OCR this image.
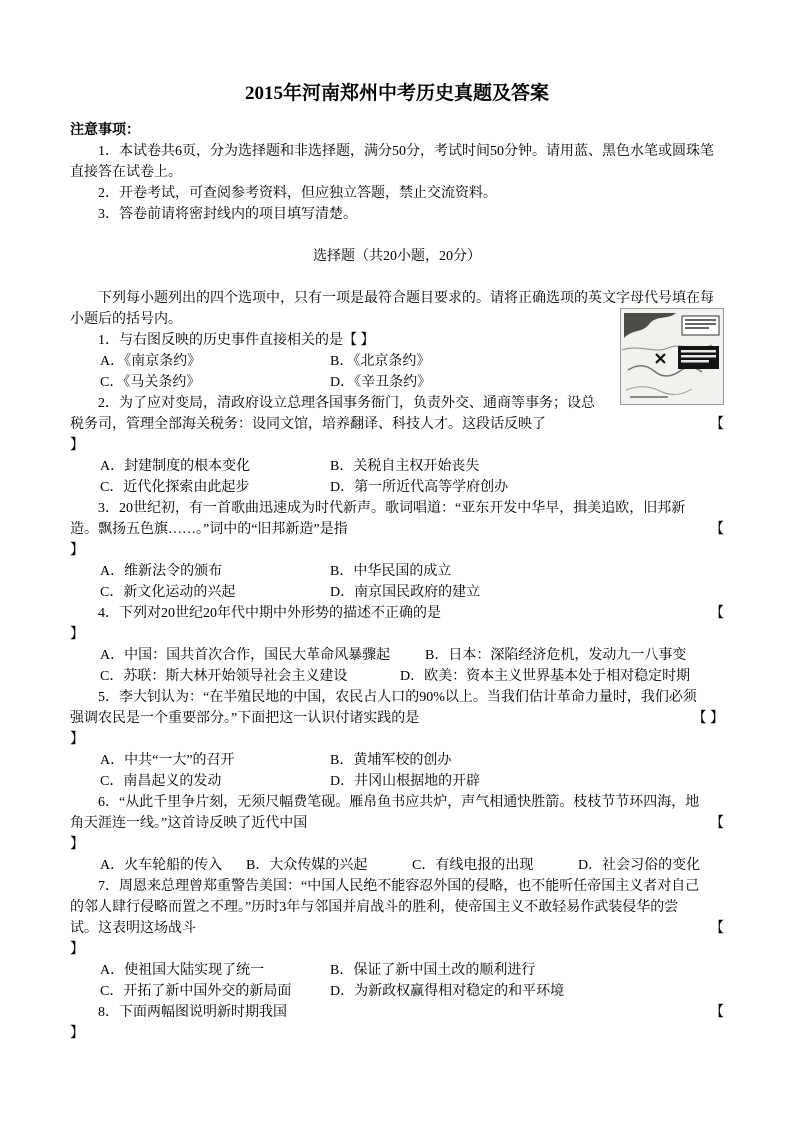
2015年河南郑州中考历史真题及答案

注意事项：

1．本试卷共6页，分为选择题和非选择题，满分50分，考试时间50分钟。请用蓝、黑色水笔或圆珠笔直接答在试卷上。

2．开卷考试，可查阅参考资料，但应独立答题，禁止交流资料。

3．答卷前请将密封线内的项目填写清楚。

选择题（共20小题，20分）

下列每小题列出的四个选项中，只有一项是最符合题目要求的。请将正确选项的英文字母代号填在每小题后的括号内。

1．与右图反映的历史事件直接相关的是【 】

A．《南京条约》	B．《北京条约》

C．《马关条约》	D．《辛丑条约》

2．为了应对变局，清政府设立总理各国事务衙门，负责外交、通商等事务；设总税务司，管理全部海关税务：设同文馆，培养翻译、科技人才。这段话反映了	【

】

A．封建制度的根本变化	B．关税自主权开始丧失

C．近代化探索由此起步	D．第一所近代高等学府创办

3．20世纪初，有一首歌曲迅速成为时代新声。歌词唱道：“亚东开发中华早，揖美追欧，旧邦新造。飘扬五色旗……。”词中的“旧邦新造”是指	【

】

A．维新法令的颁布	B．中华民国的成立

C．新文化运动的兴起	D．南京国民政府的建立

4．下列对20世纪20年代中期中外形势的描述不正确的是	【

】

A．中国：国共首次合作，国民大革命风暴骤起 B．日本：深陷经济危机，发动九一八事变

C．苏联：斯大林开始领导社会主义建设	D．欧美：资本主义世界基本处于相对稳定时期

5．李大钊认为：“在半殖民地的中国，农民占人口的90%以上。当我们估计革命力量时，我们必须强调农民是一个重要部分。”下面把这一认识付诸实践的是	【 】

】

A．中共“一大”的召开	B．黄埔军校的创办

C．南昌起义的发动	D．井冈山根据地的开辟

6．“从此千里争片刻，无须尺幅费笔砚。雁帛鱼书应共炉，声气相通快胜箭。枝枝节节环四海，地角天涯连一线。”这首诗反映了近代中国	【

】

A．火车轮船的传入 B．大众传媒的兴起	C．有线电报的出现	D．社会习俗的变化

7．周恩来总理曾郑重警告美国：“中国人民绝不能容忍外国的侵略，也不能听任帝国主义者对自己的邻人肆行侵略而置之不理。”历时3年与邻国并肩战斗的胜利，使帝国主义不敢轻易作武装侵华的尝试。这表明这场战斗	【

】

A．使祖国大陆实现了统一	B．保证了新中国土改的顺利进行

C．开拓了新中国外交的新局面	D．为新政权赢得相对稳定的和平环境

8．下面两幅图说明新时期我国	【

】
